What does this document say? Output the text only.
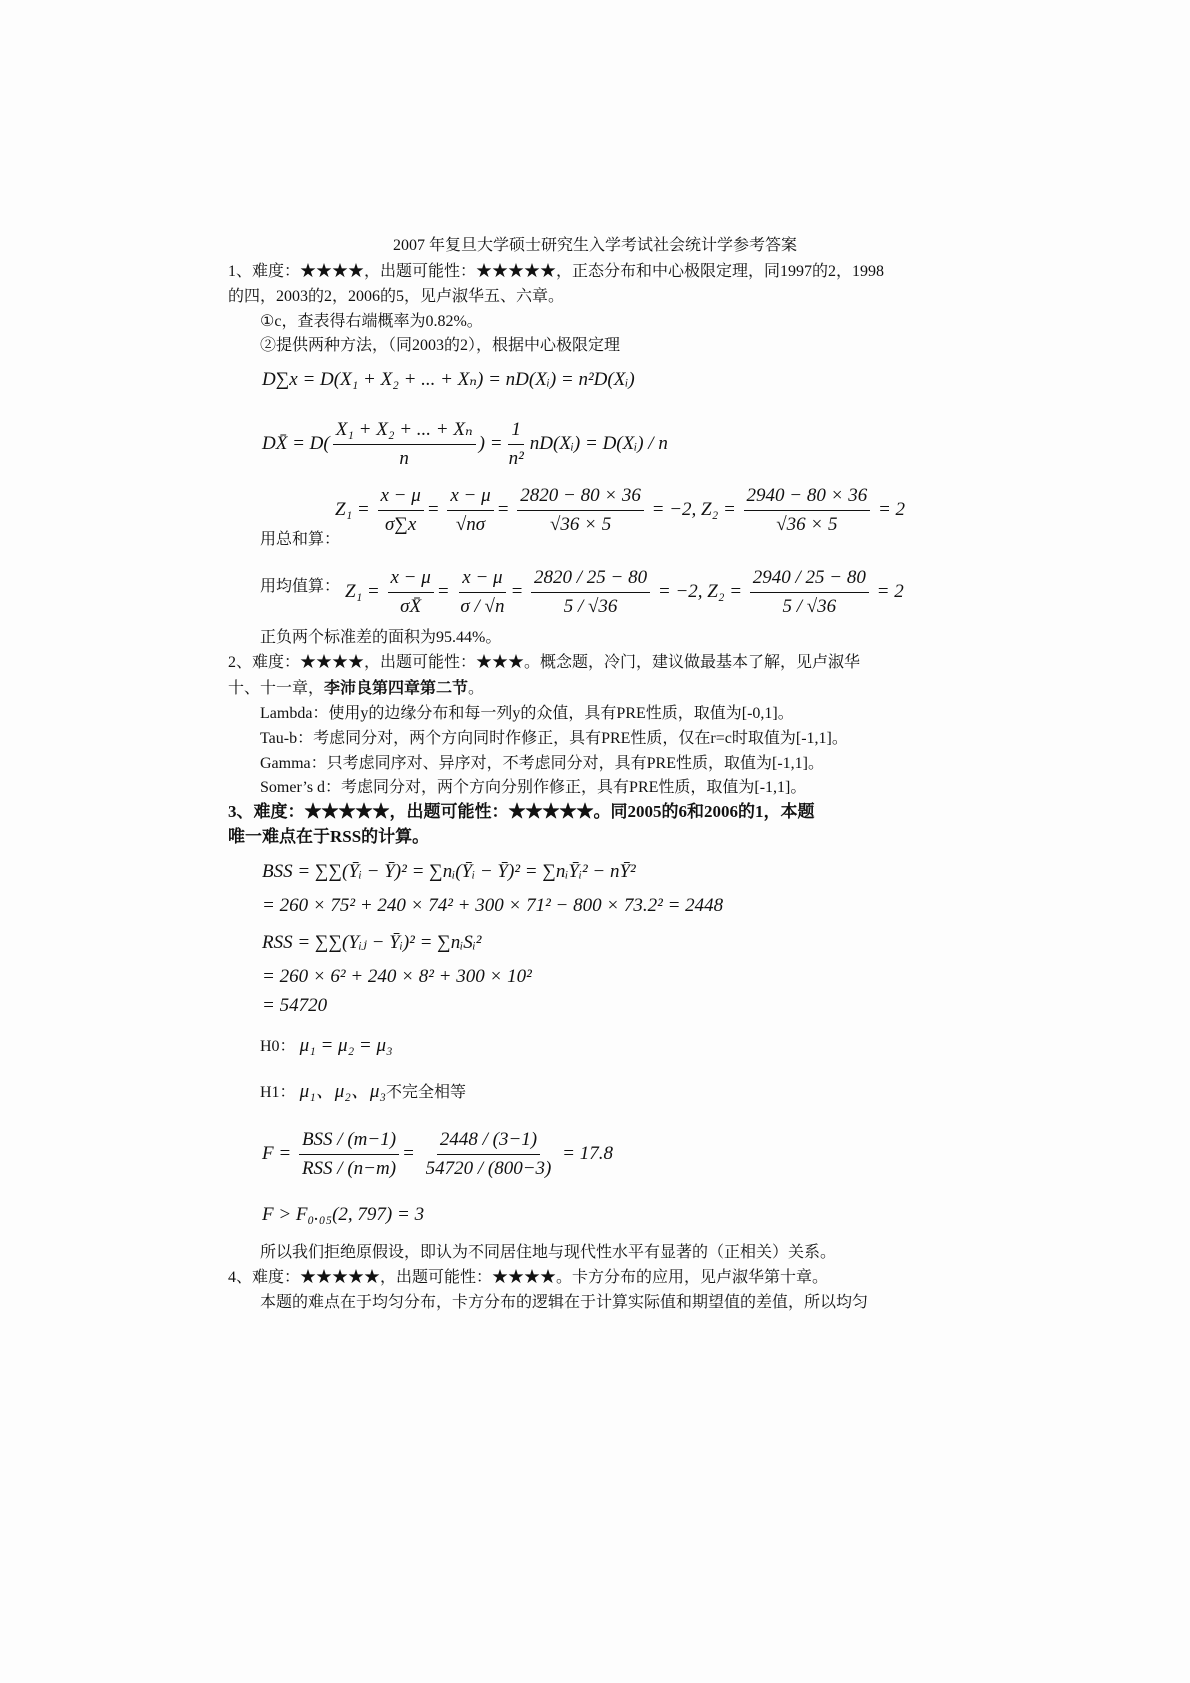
2007 年复旦大学硕士研究生入学考试社会统计学参考答案
1、难度：★★★★，出题可能性：★★★★★，正态分布和中心极限定理，同1997的2，1998
的四，2003的2，2006的5，见卢淑华五、六章。
①c，查表得右端概率为0.82%。
②提供两种方法，（同2003的2），根据中心极限定理
D∑x = D(X₁ + X₂ + ... + Xₙ) = nD(Xᵢ) = n²D(Xᵢ)
DX̄ = $D( \frac{\text{X₁ + X₂ + ... + Xₙ}}{n}$ ) = $\frac{1}{\text{n²}}$ nD(Xᵢ) = D(Xᵢ) / n
$Z_1 = \frac{x - \mu}{\sigma\sum x} = \frac{x - \mu}{√n\sigma} = \frac{2820 - 80 \times 36}{√36 \times 5} = -2$, $Z_2 = \frac{2940 - 80 \times 36}{√36 \times 5} = 2$
用总和算：
用均值算： $Z_1 = \frac{x - \mu}{\sigma X̄} = \frac{x - \mu}{\sigma / √n} = \frac{2820 / 25 - 80}{5 / √36} = -2$, $Z_2 = \frac{2940 / 25 - 80}{5 / √36} = 2$
正负两个标准差的面积为95.44%。
2、难度：★★★★，出题可能性：★★★。概念题，冷门，建议做最基本了解，见卢淑华
十、十一章，李沛良第四章第二节。
Lambda：使用y的边缘分布和每一列y的众值，具有PRE性质，取值为[-0,1]。
Tau-b：考虑同分对，两个方向同时作修正，具有PRE性质，仅在r=c时取值为[-1,1]。
Gamma：只考虑同序对、异序对，不考虑同分对，具有PRE性质，取值为[-1,1]。
Somer’s d：考虑同分对，两个方向分别作修正，具有PRE性质，取值为[-1,1]。
3、难度：★★★★★，出题可能性：★★★★★。同2005的6和2006的1，本题
唯一难点在于RSS的计算。
BSS = ∑∑(Ȳᵢ − Ȳ)² = ∑nᵢ(Ȳᵢ − Ȳ)² = ∑nᵢȲᵢ² − nȲ²
= 260 × 75² + 240 × 74² + 300 × 71² − 800 × 73.2² = 2448
RSS = ∑∑(Yᵢⱼ − Ȳᵢ)² = ∑nᵢSᵢ²
= 260 × 6² + 240 × 8² + 300 × 10²
= 54720
H0： μ₁ = μ₂ = μ₃
H1： μ₁、μ₂、μ₃不完全相等
$F = \frac{\text{BSS / (m−1)}}{\text{RSS / (n−m)}} = \frac{2448 / (3-1)}{54720 / (800-3)} = 17.8$
F > F₀.₀₅(2, 797) = 3
所以我们拒绝原假设，即认为不同居住地与现代性水平有显著的（正相关）关系。
4、难度：★★★★★，出题可能性：★★★★。卡方分布的应用，见卢淑华第十章。
本题的难点在于均匀分布，卡方分布的逻辑在于计算实际值和期望值的差值，所以均匀
